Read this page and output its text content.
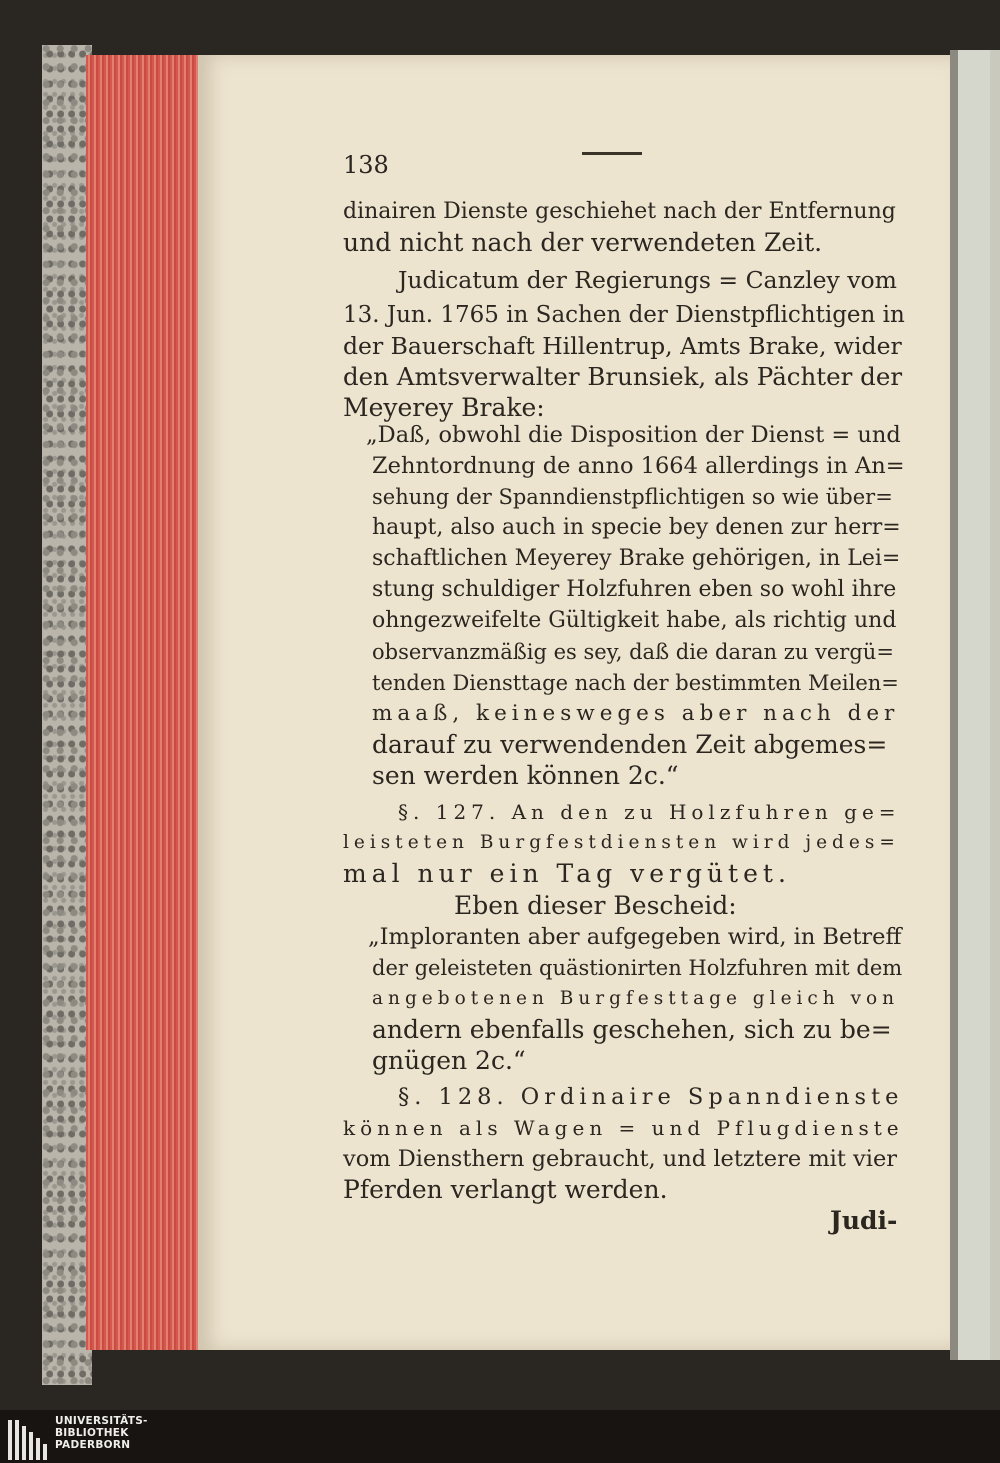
138
dinairen Dienste geschiehet nach der Entfernung
und nicht nach der verwendeten Zeit.
Judicatum der Regierungs = Canzley vom
13. Jun. 1765 in Sachen der Dienstpflichtigen in
der Bauerschaft Hillentrup, Amts Brake, wider
den Amtsverwalter Brunsiek, als Pächter der
Meyerey Brake:
„Daß, obwohl die Disposition der Dienst = und
Zehntordnung de anno 1664 allerdings in An=
sehung der Spanndienstpflichtigen so wie über=
haupt, also auch in specie bey denen zur herr=
schaftlichen Meyerey Brake gehörigen, in Lei=
stung schuldiger Holzfuhren eben so wohl ihre
ohngezweifelte Gültigkeit habe, als richtig und
observanzmäßig es sey, daß die daran zu vergü=
tenden Diensttage nach der bestimmten Meilen=
maaß, keinesweges aber nach der
darauf zu verwendenden Zeit abgemes=
sen werden können 2c.“
§. 127. An den zu Holzfuhren ge=
leisteten Burgfestdiensten wird jedes=
mal nur ein Tag vergütet.
Eben dieser Bescheid:
„Imploranten aber aufgegeben wird, in Betreff
der geleisteten quästionirten Holzfuhren mit dem
angebotenen Burgfesttage gleich von
andern ebenfalls geschehen, sich zu be=
gnügen 2c.“
§. 128. Ordinaire Spanndienste
können als Wagen = und Pflugdienste
vom Diensthern gebraucht, und letztere mit vier
Pferden verlangt werden.
Judi-
UNIVERSITÄTS-
BIBLIOTHEK
PADERBORN
